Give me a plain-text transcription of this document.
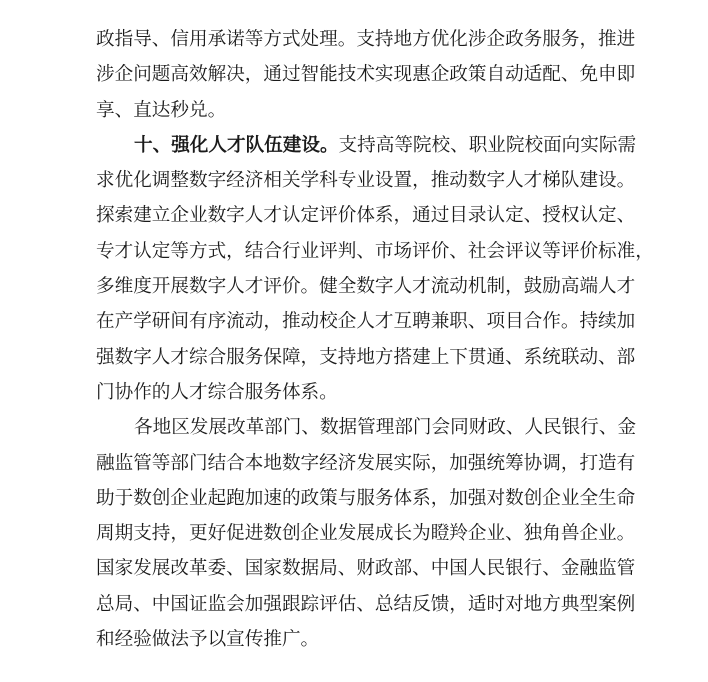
政指导、信用承诺等方式处理。支持地方优化涉企政务服务，推进
涉企问题高效解决，通过智能技术实现惠企政策自动适配、免申即
享、直达秒兑。
十、强化人才队伍建设。支持高等院校、职业院校面向实际需
求优化调整数字经济相关学科专业设置，推动数字人才梯队建设。
探索建立企业数字人才认定评价体系，通过目录认定、授权认定、
专才认定等方式，结合行业评判、市场评价、社会评议等评价标准，
多维度开展数字人才评价。健全数字人才流动机制，鼓励高端人才
在产学研间有序流动，推动校企人才互聘兼职、项目合作。持续加
强数字人才综合服务保障，支持地方搭建上下贯通、系统联动、部
门协作的人才综合服务体系。
各地区发展改革部门、数据管理部门会同财政、人民银行、金
融监管等部门结合本地数字经济发展实际，加强统筹协调，打造有
助于数创企业起跑加速的政策与服务体系，加强对数创企业全生命
周期支持，更好促进数创企业发展成长为瞪羚企业、独角兽企业。
国家发展改革委、国家数据局、财政部、中国人民银行、金融监管
总局、中国证监会加强跟踪评估、总结反馈，适时对地方典型案例
和经验做法予以宣传推广。
